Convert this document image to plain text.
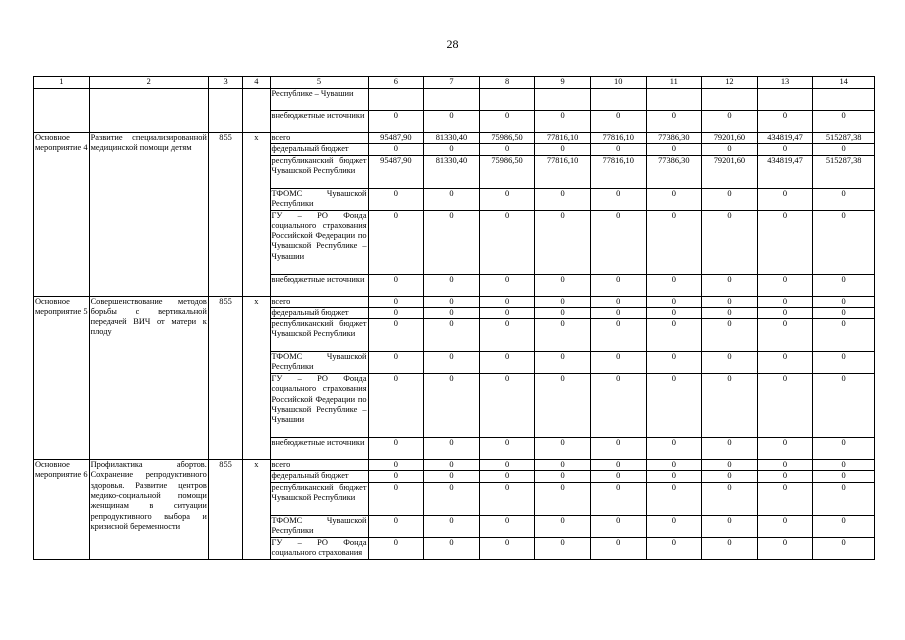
28
1	2	3	4	5	6	7	8	9	10	11	12	13	14
				Республике – Чувашии									
				внебюджетные источники	0	0	0	0	0	0	0	0	0
Основное мероприятие 4	Развитие специализированной медицинской помощи детям	855	x	всего	95487,90	81330,40	75986,50	77816,10	77816,10	77386,30	79201,60	434819,47	515287,38
				федеральный бюджет	0	0	0	0	0	0	0	0	0
				республиканский бюджет Чувашской Республики	95487,90	81330,40	75986,50	77816,10	77816,10	77386,30	79201,60	434819,47	515287,38
				ТФОМС Чувашской Республики	0	0	0	0	0	0	0	0	0
				ГУ – РО Фонда социального страхования Российской Федерации по Чувашской Республике – Чувашии	0	0	0	0	0	0	0	0	0
				внебюджетные источники	0	0	0	0	0	0	0	0	0
Основное мероприятие 5	Совершенствование методов борьбы с вертикальной передачей ВИЧ от матери к плоду	855	x	всего	0	0	0	0	0	0	0	0	0
				федеральный бюджет	0	0	0	0	0	0	0	0	0
				республиканский бюджет Чувашской Республики	0	0	0	0	0	0	0	0	0
				ТФОМС Чувашской Республики	0	0	0	0	0	0	0	0	0
				ГУ – РО Фонда социального страхования Российской Федерации по Чувашской Республике – Чувашии	0	0	0	0	0	0	0	0	0
				внебюджетные источники	0	0	0	0	0	0	0	0	0
Основное мероприятие 6	Профилактика абортов. Сохранение репродуктивного здоровья. Развитие центров медико-социальной помощи женщинам в ситуации репродуктивного выбора и кризисной беременности	855	x	всего	0	0	0	0	0	0	0	0	0
				федеральный бюджет	0	0	0	0	0	0	0	0	0
				республиканский бюджет Чувашской Республики	0	0	0	0	0	0	0	0	0
				ТФОМС Чувашской Республики	0	0	0	0	0	0	0	0	0
				ГУ – РО Фонда социального страхования	0	0	0	0	0	0	0	0	0
